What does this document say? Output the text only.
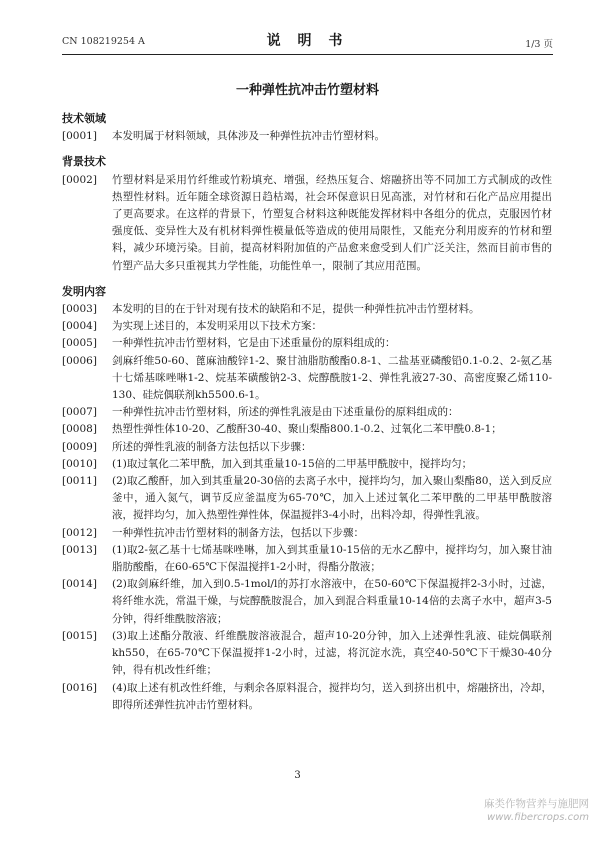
CN 108219254 A	说 明 书	1/3 页
一种弹性抗冲击竹塑材料
技术领域
[0001]	本发明属于材料领域，具体涉及一种弹性抗冲击竹塑材料。
背景技术
[0002]	竹塑材料是采用竹纤维或竹粉填充、增强，经热压复合、熔融挤出等不同加工方式制成的改性热塑性材料。近年随全球资源日趋枯竭，社会环保意识日见高涨，对竹材和石化产品应用提出了更高要求。在这样的背景下，竹塑复合材料这种既能发挥材料中各组分的优点，克服因竹材强度低、变异性大及有机材料弹性模量低等造成的使用局限性，又能充分利用废弃的竹材和塑料，减少环境污染。目前，提高材料附加值的产品愈来愈受到人们广泛关注，然而目前市售的竹塑产品大多只重视其力学性能，功能性单一，限制了其应用范围。
发明内容
[0003]	本发明的目的在于针对现有技术的缺陷和不足，提供一种弹性抗冲击竹塑材料。
[0004]	为实现上述目的，本发明采用以下技术方案：
[0005]	一种弹性抗冲击竹塑材料，它是由下述重量份的原料组成的：
[0006]	剑麻纤维50-60、蓖麻油酸锌1-2、聚甘油脂肪酸酯0.8-1、二盐基亚磷酸铅0.1-0.2、2-氨乙基十七烯基咪唑啉1-2、烷基苯磺酸钠2-3、烷醇酰胺1-2、弹性乳液27-30、高密度聚乙烯110-130、硅烷偶联剂kh5500.6-1。
[0007]	一种弹性抗冲击竹塑材料，所述的弹性乳液是由下述重量份的原料组成的：
[0008]	热塑性弹性体10-20、乙酸酐30-40、聚山梨酯800.1-0.2、过氧化二苯甲酰0.8-1；
[0009]	所述的弹性乳液的制备方法包括以下步骤：
[0010]	(1)取过氧化二苯甲酰，加入到其重量10-15倍的二甲基甲酰胺中，搅拌均匀；
[0011]	(2)取乙酸酐，加入到其重量20-30倍的去离子水中，搅拌均匀，加入聚山梨酯80，送入到反应釜中，通入氮气，调节反应釜温度为65-70℃，加入上述过氧化二苯甲酰的二甲基甲酰胺溶液，搅拌均匀，加入热塑性弹性体，保温搅拌3-4小时，出料冷却，得弹性乳液。
[0012]	一种弹性抗冲击竹塑材料的制备方法，包括以下步骤：
[0013]	(1)取2-氨乙基十七烯基咪唑啉，加入到其重量10-15倍的无水乙醇中，搅拌均匀，加入聚甘油脂肪酸酯，在60-65℃下保温搅拌1-2小时，得酯分散液；
[0014]	(2)取剑麻纤维，加入到0.5-1mol/l的苏打水溶液中，在50-60℃下保温搅拌2-3小时，过滤，将纤维水洗，常温干燥，与烷醇酰胺混合，加入到混合料重量10-14倍的去离子水中，超声3-5分钟，得纤维酰胺溶液；
[0015]	(3)取上述酯分散液、纤维酰胺溶液混合，超声10-20分钟，加入上述弹性乳液、硅烷偶联剂kh550，在65-70℃下保温搅拌1-2小时，过滤，将沉淀水洗，真空40-50℃下干燥30-40分钟，得有机改性纤维；
[0016]	(4)取上述有机改性纤维，与剩余各原料混合，搅拌均匀，送入到挤出机中，熔融挤出，冷却，即得所述弹性抗冲击竹塑材料。
3
麻类作物营养与施肥网
www.fibercrops.com
